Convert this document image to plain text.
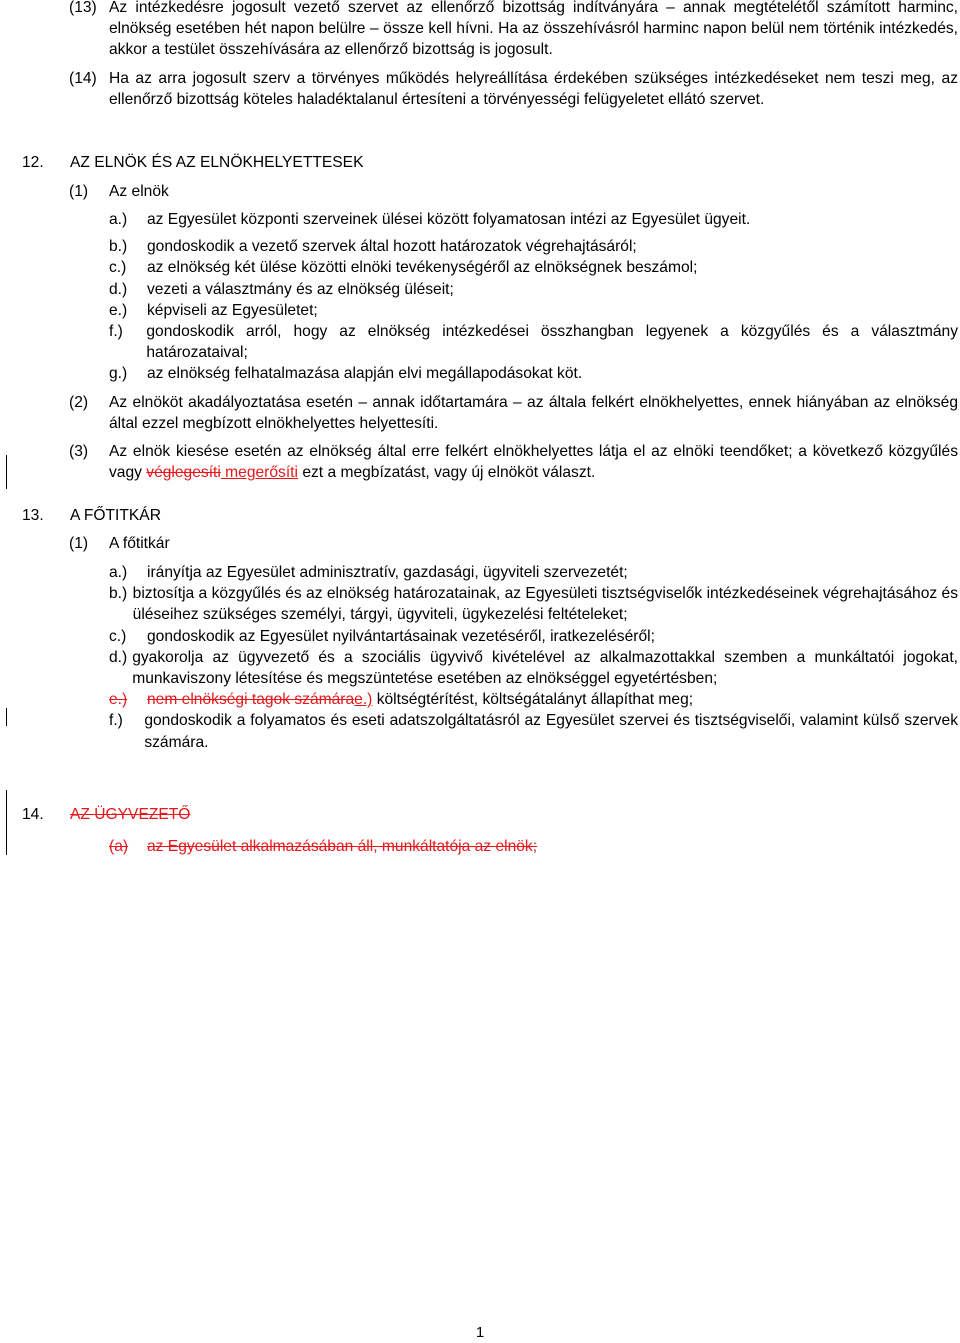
(13) Az intézkedésre jogosult vezető szervet az ellenőrző bizottság indítványára – annak megtételétől számított harminc, elnökség esetében hét napon belülre – össze kell hívni. Ha az összehívásról harminc napon belül nem történik intézkedés, akkor a testület összehívására az ellenőrző bizottság is jogosult.
(14) Ha az arra jogosult szerv a törvényes működés helyreállítása érdekében szükséges intézkedéseket nem teszi meg, az ellenőrző bizottság köteles haladéktalanul értesíteni a törvényességi felügyeletet ellátó szervet.
12. AZ ELNÖK ÉS AZ ELNÖKHELYETTESEK
(1)	Az elnök
a.)	az Egyesület központi szerveinek ülései között folyamatosan intézi az Egyesület ügyeit.
b.)	gondoskodik a vezető szervek által hozott határozatok végrehajtásáról;
c.)	az elnökség két ülése közötti elnöki tevékenységéről az elnökségnek beszámol;
d.)	vezeti a választmány és az elnökség üléseit;
e.)	képviseli az Egyesületet;
f.)	gondoskodik arról, hogy az elnökség intézkedései összhangban legyenek a közgyűlés és a választmány határozataival;
g.)	az elnökség felhatalmazása alapján elvi megállapodásokat köt.
(2)	Az elnököt akadályoztatása esetén – annak időtartamára – az általa felkért elnökhelyettes, ennek hiányában az elnökség által ezzel megbízott elnökhelyettes helyettesíti.
(3)	Az elnök kiesése esetén az elnökség által erre felkért elnökhelyettes látja el az elnöki teendőket; a következő közgyűlés vagy véglegesíti megerősíti ezt a megbízatást, vagy új elnököt választ.
13. A FŐTITKÁR
(1)	A főtitkár
a.)	irányítja az Egyesület adminisztratív, gazdasági, ügyviteli szervezetét;
b.) biztosítja a közgyűlés és az elnökség határozatainak, az Egyesületi tisztségviselők intézkedéseinek végrehajtásához és üléseihez szükséges személyi, tárgyi, ügyviteli, ügykezelési feltételeket;
c.)	gondoskodik az Egyesület nyilvántartásainak vezetéséről, iratkezeléséről;
d.) gyakorolja az ügyvezető és a szociális ügyvivő kivételével az alkalmazottakkal szemben a munkáltatói jogokat, munkaviszony létesítése és megszüntetése esetében az elnökséggel egyetértésben;
e.)	nem elnökségi tagok számárae.) költségtérítést, költségátalányt állapíthat meg;
f.)	gondoskodik a folyamatos és eseti adatszolgáltatásról az Egyesület szervei és tisztségviselői, valamint külső szervek számára.
14. AZ ÜGYVEZETŐ
(a)	az Egyesület alkalmazásában áll, munkáltatója az elnök;
1
